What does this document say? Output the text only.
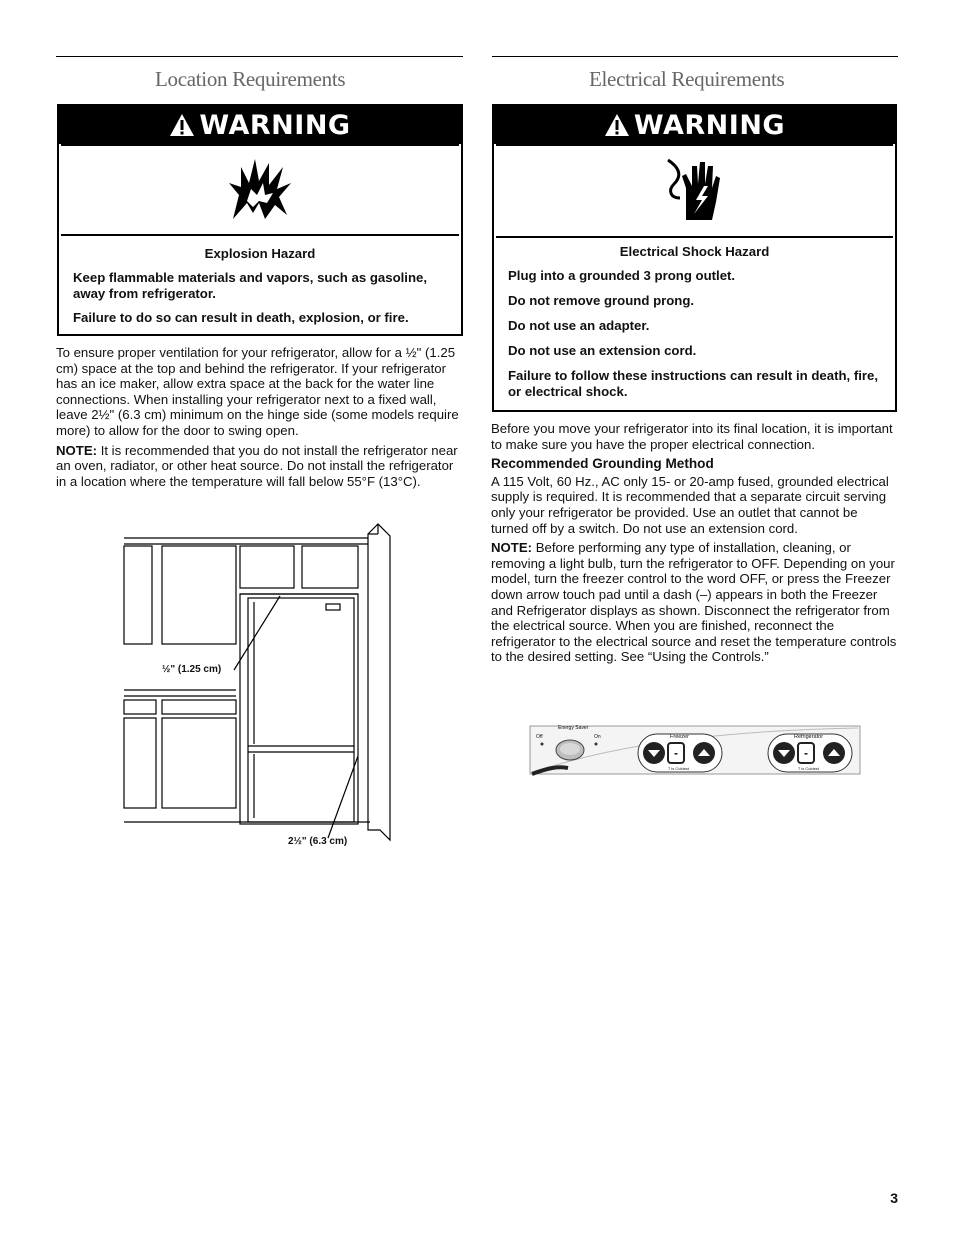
Location Requirements
WARNING

Explosion Hazard

Keep flammable materials and vapors, such as gasoline, away from refrigerator.

Failure to do so can result in death, explosion, or fire.

To ensure proper ventilation for your refrigerator, allow for a ½" (1.25 cm) space at the top and behind the refrigerator. If your refrigerator has an ice maker, allow extra space at the back for the water line connections. When installing your refrigerator next to a fixed wall, leave 2½" (6.3 cm) minimum on the hinge side (some models require more) to allow for the door to swing open.

NOTE: It is recommended that you do not install the refrigerator near an oven, radiator, or other heat source. Do not install the refrigerator in a location where the temperature will fall below 55°F (13°C).

½" (1.25 cm)
2½" (6.3 cm)
Electrical Requirements
WARNING

Electrical Shock Hazard

Plug into a grounded 3 prong outlet.

Do not remove ground prong.

Do not use an adapter.

Do not use an extension cord.

Failure to follow these instructions can result in death, fire, or electrical shock.

Before you move your refrigerator into its final location, it is important to make sure you have the proper electrical connection.

Recommended Grounding Method

A 115 Volt, 60 Hz., AC only 15- or 20-amp fused, grounded electrical supply is required. It is recommended that a separate circuit serving only your refrigerator be provided. Use an outlet that cannot be turned off by a switch. Do not use an extension cord.

NOTE: Before performing any type of installation, cleaning, or removing a light bulb, turn the refrigerator to OFF. Depending on your model, turn the freezer control to the word OFF, or press the Freezer down arrow touch pad until a dash (–) appears in both the Freezer and Refrigerator displays as shown. Disconnect the refrigerator from the electrical source. When you are finished, reconnect the refrigerator to the electrical source and reset the temperature controls to the desired setting. See “Using the Controls.”

Energy Saver
Off	On	Freezer
-
7 is Coldest
Refrigerator
-
7 is Coldest
3
